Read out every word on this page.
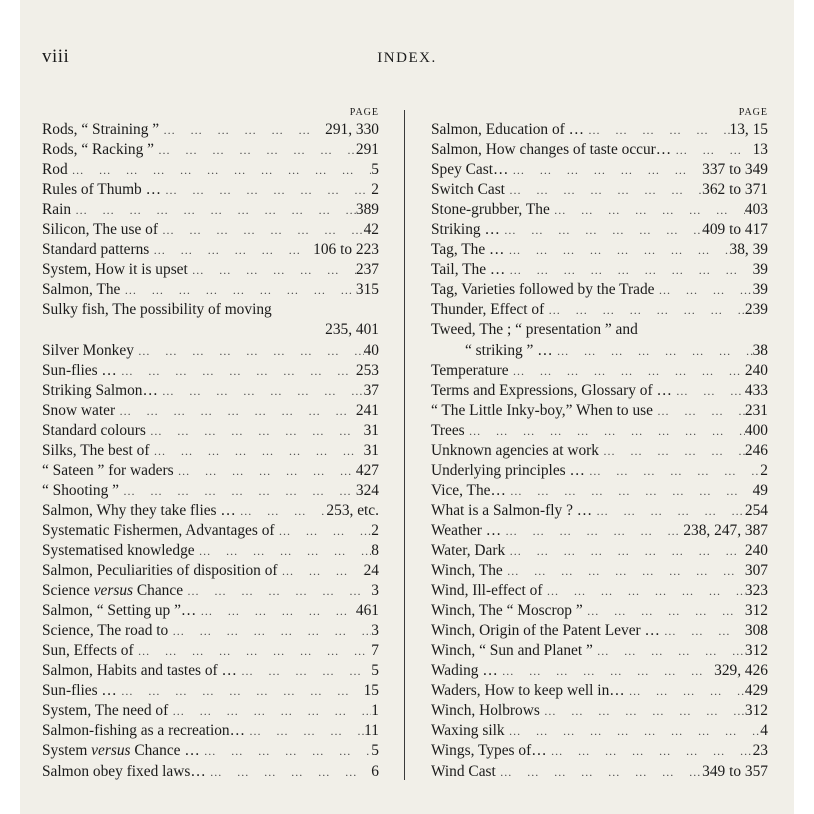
viii	INDEX.
PAGE
Rods, “ Straining ” … … … … … … … … … … … … … …	291, 330
Rods, “ Racking ” … … … … … … … … … … … … … …	291
Rod … … … … … … … … … … … … … …	5
Rules of Thumb … … … … … … … … … … … … … … …	2
Rain … … … … … … … … … … … … … …	389
Silicon, The use of … … … … … … … … … … … … … …	42
Standard patterns … … … … … … … … … … … … … …	106 to 223
System, How it is upset … … … … … … … … … … … … … …	237
Salmon, The … … … … … … … … … … … … … …	315
Sulky fish, The possibility of moving
235, 401
Silver Monkey … … … … … … … … … … … … … …	40
Sun-flies … … … … … … … … … … … … … … …	253
Striking Salmon… … … … … … … … … … … … … … …	37
Snow water … … … … … … … … … … … … … …	241
Standard colours … … … … … … … … … … … … … …	31
Silks, The best of … … … … … … … … … … … … … …	31
“ Sateen ” for waders … … … … … … … … … … … … … …	427
“ Shooting ” … … … … … … … … … … … … … …	324
Salmon, Why they take flies … … … … … … … … … … … … … … …	253, etc.
Systematic Fishermen, Advantages of … … … … … … … … … … … … … …	2
Systematised knowledge … … … … … … … … … … … … … …	8
Salmon, Peculiarities of disposition of … … … … … … … … … … … … … …	24
Science versus Chance … … … … … … … … … … … … … …	3
Salmon, “ Setting up ”… … … … … … … … … … … … … … …	461
Science, The road to … … … … … … … … … … … … … …	3
Sun, Effects of … … … … … … … … … … … … … …	7
Salmon, Habits and tastes of … … … … … … … … … … … … … … …	5
Sun-flies … … … … … … … … … … … … … … …	15
System, The need of … … … … … … … … … … … … … …	1
Salmon-fishing as a recreation… … … … … … … … … … … … … … …	11
System versus Chance … … … … … … … … … … … … … … …	5
Salmon obey fixed laws… … … … … … … … … … … … … … …	6
PAGE
Salmon, Education of … … … … … … … … … … … … … … …	13, 15
Salmon, How changes of taste occur… … … … … … … … … … … … … … …	13
Spey Cast… … … … … … … … … … … … … … …	337 to 349
Switch Cast … … … … … … … … … … … … … …	362 to 371
Stone-grubber, The … … … … … … … … … … … … … …	403
Striking … … … … … … … … … … … … … … …	409 to 417
Tag, The … … … … … … … … … … … … … … …	38, 39
Tail, The … … … … … … … … … … … … … … …	39
Tag, Varieties followed by the Trade … … … … … … … … … … … … … …	39
Thunder, Effect of … … … … … … … … … … … … … …	239
Tweed, The ; “ presentation ” and
“ striking ” … … … … … … … … … … … … … … …	38
Temperature … … … … … … … … … … … … … …	240
Terms and Expressions, Glossary of … … … … … … … … … … … … … … …	433
“ The Little Inky-boy,” When to use … … … … … … … … … … … … … …	231
Trees … … … … … … … … … … … … … …	400
Unknown agencies at work … … … … … … … … … … … … … …	246
Underlying principles … … … … … … … … … … … … … … …	2
Vice, The… … … … … … … … … … … … … … …	49
What is a Salmon-fly ? … … … … … … … … … … … … … … …	254
Weather … … … … … … … … … … … … … … …	238, 247, 387
Water, Dark … … … … … … … … … … … … … …	240
Winch, The … … … … … … … … … … … … … …	307
Wind, Ill-effect of … … … … … … … … … … … … … …	323
Winch, The “ Moscrop ” … … … … … … … … … … … … … …	312
Winch, Origin of the Patent Lever … … … … … … … … … … … … … … …	308
Winch, “ Sun and Planet ” … … … … … … … … … … … … … …	312
Wading … … … … … … … … … … … … … … …	329, 426
Waders, How to keep well in… … … … … … … … … … … … … … …	429
Winch, Holbrows … … … … … … … … … … … … … …	312
Waxing silk … … … … … … … … … … … … … …	4
Wings, Types of… … … … … … … … … … … … … … …	23
Wind Cast … … … … … … … … … … … … … …	349 to 357
